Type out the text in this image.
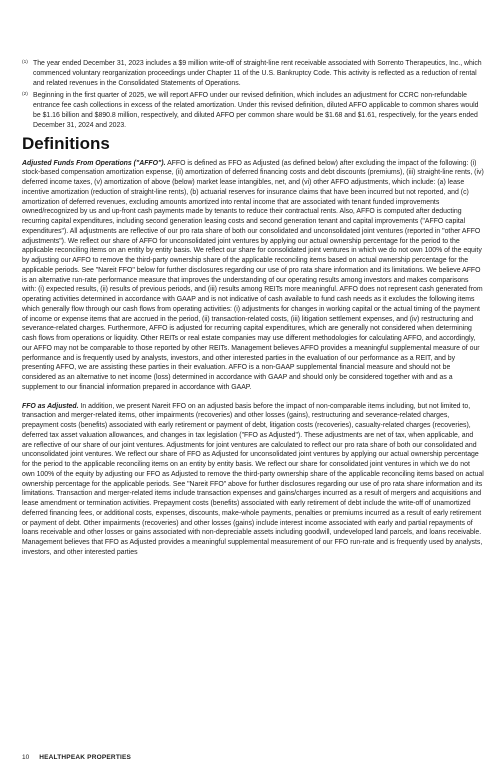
(1) The year ended December 31, 2023 includes a $9 million write-off of straight-line rent receivable associated with Sorrento Therapeutics, Inc., which commenced voluntary reorganization proceedings under Chapter 11 of the U.S. Bankruptcy Code. This activity is reflected as a reduction of rental and related revenues in the Consolidated Statements of Operations.
(2) Beginning in the first quarter of 2025, we will report AFFO under our revised definition, which includes an adjustment for CCRC non-refundable entrance fee cash collections in excess of the related amortization. Under this revised definition, diluted AFFO applicable to common shares would be $1.16 billion and $890.8 million, respectively, and diluted AFFO per common share would be $1.68 and $1.61, respectively, for the years ended December 31, 2024 and 2023.
Definitions

Adjusted Funds From Operations ("AFFO"). AFFO is defined as FFO as Adjusted (as defined below) after excluding the impact of the following: (i) stock-based compensation amortization expense, (ii) amortization of deferred financing costs and debt discounts (premiums), (iii) straight-line rents, (iv) deferred income taxes, (v) amortization of above (below) market lease intangibles, net, and (vi) other AFFO adjustments, which include: (a) lease incentive amortization (reduction of straight-line rents), (b) actuarial reserves for insurance claims that have been incurred but not reported, and (c) amortization of deferred revenues, excluding amounts amortized into rental income that are associated with tenant funded improvements owned/recognized by us and up-front cash payments made by tenants to reduce their contractual rents. Also, AFFO is computed after deducting recurring capital expenditures, including second generation leasing costs and second generation tenant and capital improvements ("AFFO capital expenditures"). All adjustments are reflective of our pro rata share of both our consolidated and unconsolidated joint ventures (reported in "other AFFO adjustments"). We reflect our share of AFFO for unconsolidated joint ventures by applying our actual ownership percentage for the period to the applicable reconciling items on an entity by entity basis. We reflect our share for consolidated joint ventures in which we do not own 100% of the equity by adjusting our AFFO to remove the third-party ownership share of the applicable reconciling items based on actual ownership percentage for the applicable periods. See "Nareit FFO" below for further disclosures regarding our use of pro rata share information and its limitations. We believe AFFO is an alternative run-rate performance measure that improves the understanding of our operating results among investors and makes comparisons with: (i) expected results, (ii) results of previous periods, and (iii) results among REITs more meaningful. AFFO does not represent cash generated from operating activities determined in accordance with GAAP and is not indicative of cash available to fund cash needs as it excludes the following items which generally flow through our cash flows from operating activities: (i) adjustments for changes in working capital or the actual timing of the payment of income or expense items that are accrued in the period, (ii) transaction-related costs, (iii) litigation settlement expenses, and (iv) restructuring and severance-related charges. Furthermore, AFFO is adjusted for recurring capital expenditures, which are generally not considered when determining cash flows from operations or liquidity. Other REITs or real estate companies may use different methodologies for calculating AFFO, and accordingly, our AFFO may not be comparable to those reported by other REITs. Management believes AFFO provides a meaningful supplemental measure of our performance and is frequently used by analysts, investors, and other interested parties in the evaluation of our performance as a REIT, and by presenting AFFO, we are assisting these parties in their evaluation. AFFO is a non-GAAP supplemental financial measure and should not be considered as an alternative to net income (loss) determined in accordance with GAAP and should only be considered together with and as a supplement to our financial information prepared in accordance with GAAP.

FFO as Adjusted. In addition, we present Nareit FFO on an adjusted basis before the impact of non-comparable items including, but not limited to, transaction and merger-related items, other impairments (recoveries) and other losses (gains), restructuring and severance-related charges, prepayment costs (benefits) associated with early retirement or payment of debt, litigation costs (recoveries), casualty-related charges (recoveries), deferred tax asset valuation allowances, and changes in tax legislation ("FFO as Adjusted"). These adjustments are net of tax, when applicable, and are reflective of our share of our joint ventures. Adjustments for joint ventures are calculated to reflect our pro rata share of both our consolidated and unconsolidated joint ventures. We reflect our share of FFO as Adjusted for unconsolidated joint ventures by applying our actual ownership percentage for the period to the applicable reconciling items on an entity by entity basis. We reflect our share for consolidated joint ventures in which we do not own 100% of the equity by adjusting our FFO as Adjusted to remove the third-party ownership share of the applicable reconciling items based on actual ownership percentage for the applicable periods. See "Nareit FFO" above for further disclosures regarding our use of pro rata share information and its limitations. Transaction and merger-related items include transaction expenses and gains/charges incurred as a result of mergers and acquisitions and lease amendment or termination activities. Prepayment costs (benefits) associated with early retirement of debt include the write-off of unamortized deferred financing fees, or additional costs, expenses, discounts, make-whole payments, penalties or premiums incurred as a result of early retirement or payment of debt. Other impairments (recoveries) and other losses (gains) include interest income associated with early and partial repayments of loans receivable and other losses or gains associated with non-depreciable assets including goodwill, undeveloped land parcels, and loans receivable. Management believes that FFO as Adjusted provides a meaningful supplemental measurement of our FFO run-rate and is frequently used by analysts, investors, and other interested parties

10 HEALTHPEAK PROPERTIES
